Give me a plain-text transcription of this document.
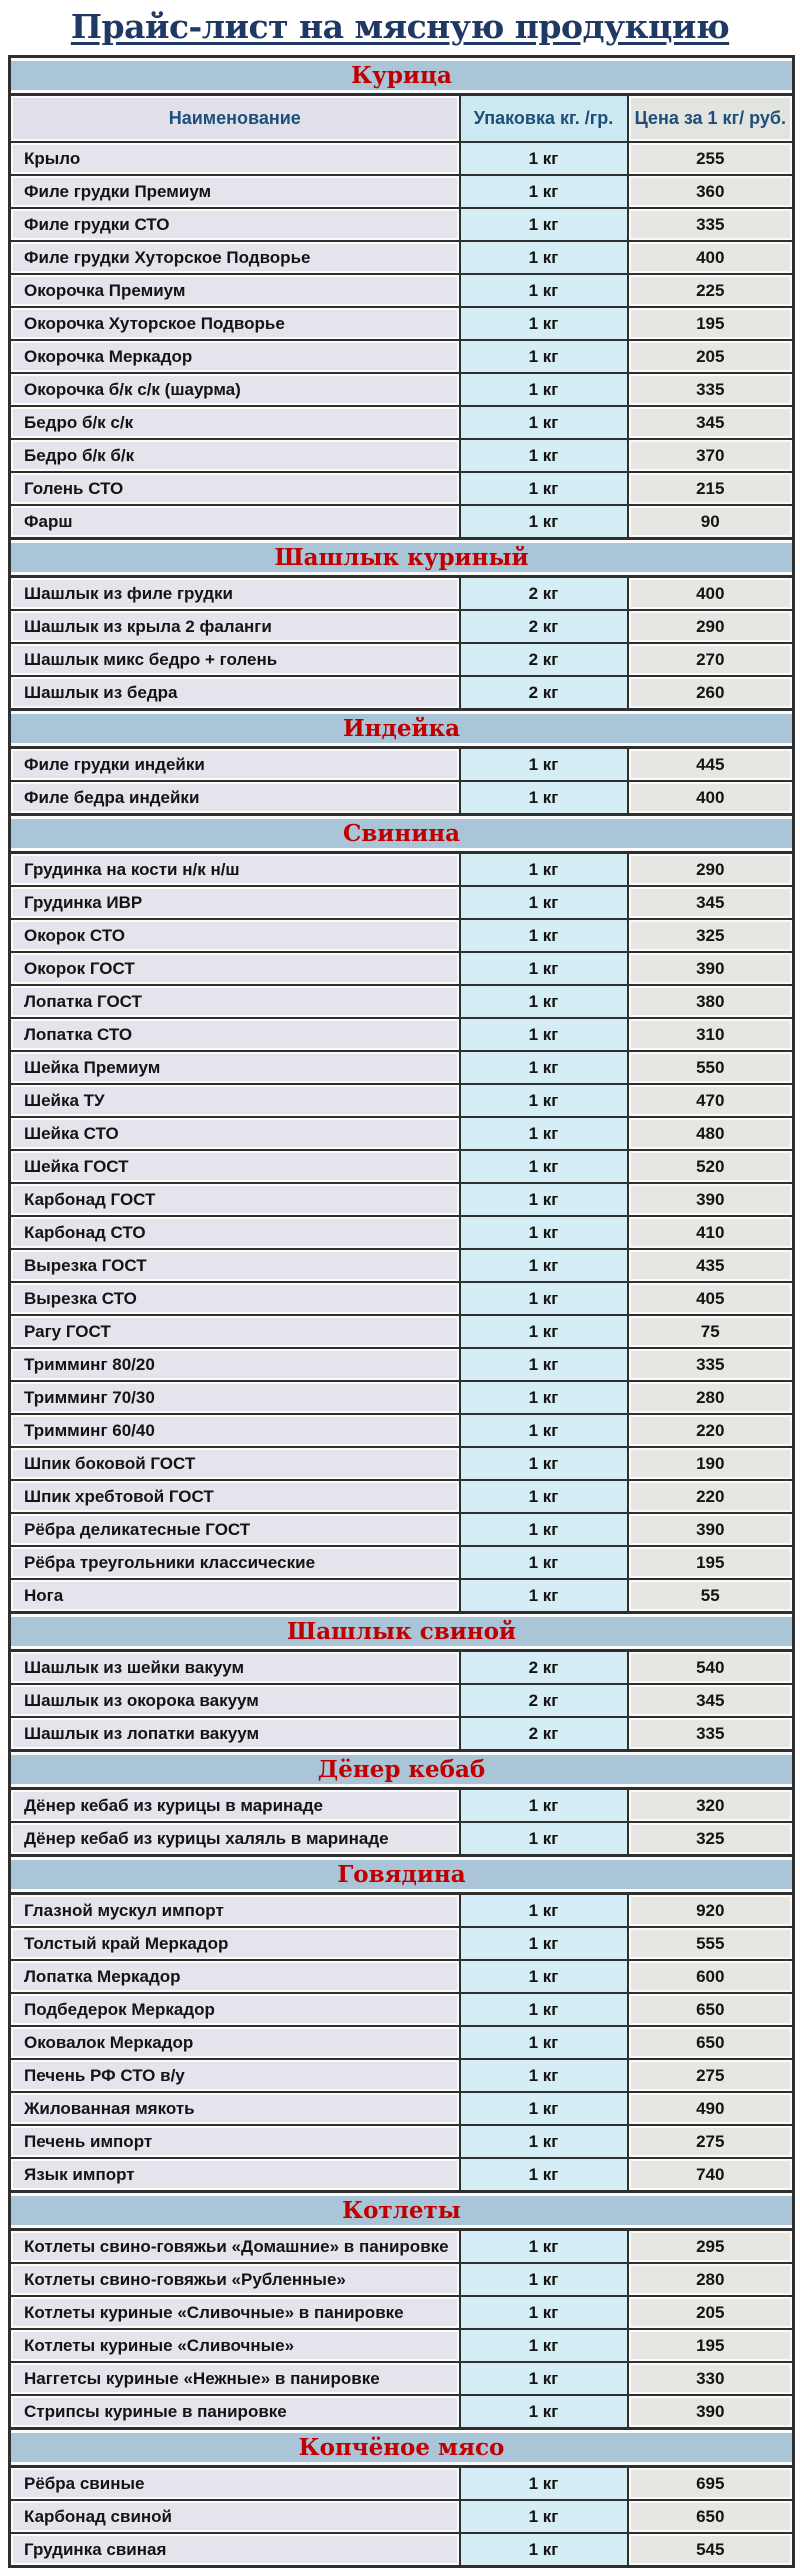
Прайс-лист на мясную продукцию
Курица		
Наименование	Упаковка кг. /гр.	Цена за 1 кг/ руб.
Крыло	1 кг	255
Филе грудки Премиум	1 кг	360
Филе грудки СТО	1 кг	335
Филе грудки Хуторское Подворье	1 кг	400
Окорочка Премиум	1 кг	225
Окорочка Хуторское Подворье	1 кг	195
Окорочка Меркадор	1 кг	205
Окорочка б/к с/к (шаурма)	1 кг	335
Бедро б/к с/к	1 кг	345
Бедро б/к б/к	1 кг	370
Голень СТО	1 кг	215
Фарш	1 кг	90
Шашлык куриный		
Шашлык из филе грудки	2 кг	400
Шашлык из крыла 2 фаланги	2 кг	290
Шашлык микс бедро + голень	2 кг	270
Шашлык из бедра	2 кг	260
Индейка		
Филе грудки индейки	1 кг	445
Филе бедра индейки	1 кг	400
Свинина		
Грудинка на кости н/к н/ш	1 кг	290
Грудинка ИВР	1 кг	345
Окорок СТО	1 кг	325
Окорок ГОСТ	1 кг	390
Лопатка ГОСТ	1 кг	380
Лопатка СТО	1 кг	310
Шейка Премиум	1 кг	550
Шейка ТУ	1 кг	470
Шейка СТО	1 кг	480
Шейка ГОСТ	1 кг	520
Карбонад ГОСТ	1 кг	390
Карбонад СТО	1 кг	410
Вырезка ГОСТ	1 кг	435
Вырезка СТО	1 кг	405
Рагу ГОСТ	1 кг	75
Тримминг 80/20	1 кг	335
Тримминг 70/30	1 кг	280
Тримминг 60/40	1 кг	220
Шпик боковой ГОСТ	1 кг	190
Шпик хребтовой ГОСТ	1 кг	220
Рёбра деликатесные ГОСТ	1 кг	390
Рёбра треугольники классические	1 кг	195
Нога	1 кг	55
Шашлык свиной		
Шашлык из шейки вакуум	2 кг	540
Шашлык из окорока вакуум	2 кг	345
Шашлык из лопатки вакуум	2 кг	335
Дёнер кебаб		
Дёнер кебаб из курицы в маринаде	1 кг	320
Дёнер кебаб из курицы халяль в маринаде	1 кг	325
Говядина		
Глазной мускул импорт	1 кг	920
Толстый край Меркадор	1 кг	555
Лопатка Меркадор	1 кг	600
Подбедерок Меркадор	1 кг	650
Оковалок Меркадор	1 кг	650
Печень РФ СТО в/у	1 кг	275
Жилованная мякоть	1 кг	490
Печень импорт	1 кг	275
Язык импорт	1 кг	740
Котлеты		
Котлеты свино-говяжьи «Домашние» в панировке	1 кг	295
Котлеты свино-говяжьи «Рубленные»	1 кг	280
Котлеты куриные «Сливочные» в панировке	1 кг	205
Котлеты куриные «Сливочные»	1 кг	195
Наггетсы куриные «Нежные» в панировке	1 кг	330
Стрипсы куриные в панировке	1 кг	390
Копчёное мясо		
Рёбра свиные	1 кг	695
Карбонад свиной	1 кг	650
Грудинка свиная	1 кг	545
